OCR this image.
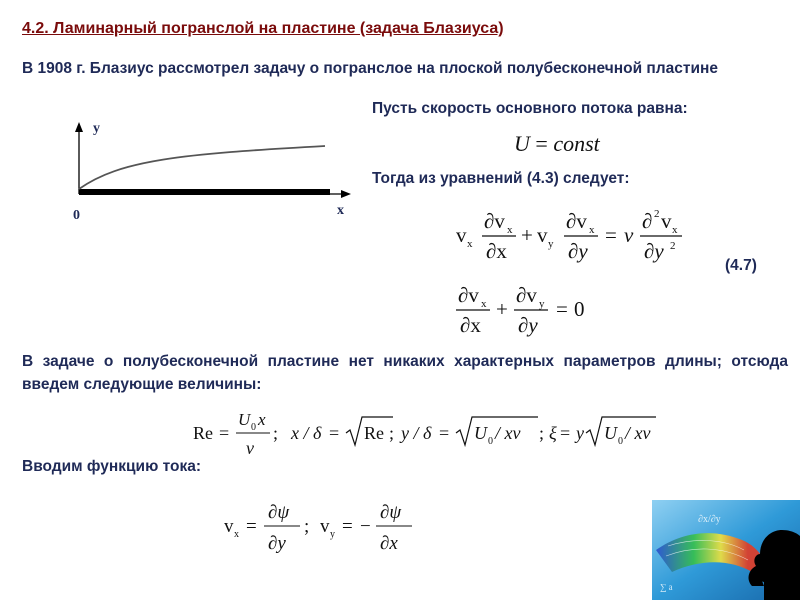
4.2. Ламинарный погранслой на пластине (задача Блазиуса)
В 1908 г. Блазиус рассмотрел задачу о погранслое на плоской полубесконечной пластине
y
x
0
Пусть скорость основного потока равна:
U = const
Тогда из уравнений (4.3) следует:
v x
∂v x
∂x
+ v y
∂v x
∂y
= ν
∂ 2 v x
∂y 2
(4.7)
∂v x
∂x
+
∂v y
∂y
= 0
В задаче о полубесконечной пластине нет никаких характерных параметров длины; отсюда введем следующие величины:
Re =
U 0 x
ν
; x / δ = Re ; y / δ = U 0 / xν ; ξ = y U 0 / xν
Вводим функцию тока:
v x =
∂ψ
∂y
; v y = −
∂ψ
∂x
∂x/∂y
∑ a
